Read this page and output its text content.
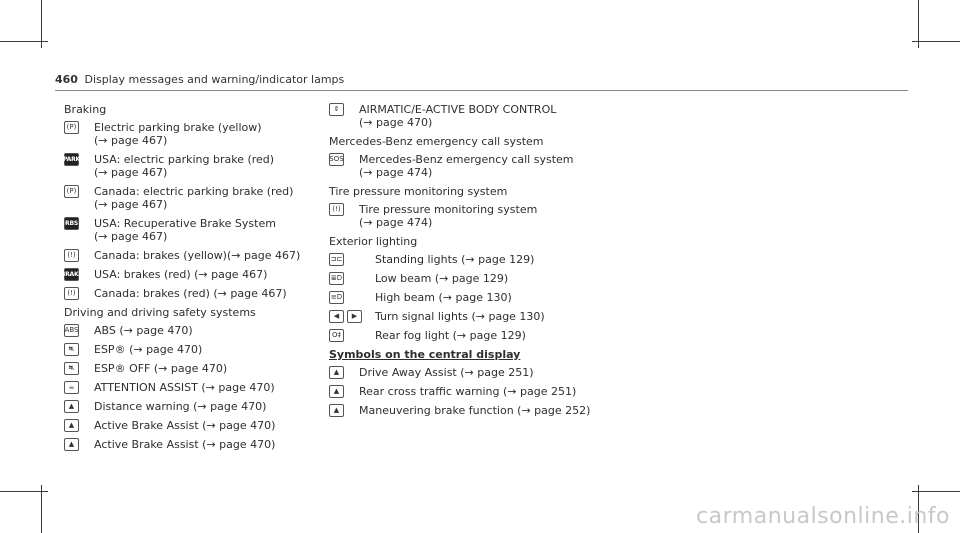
460 Display messages and warning/indicator lamps
Braking
(P) Electric parking brake (yellow)
(→ page 467)
PARK USA: electric parking brake (red)
(→ page 467)
(P) Canada: electric parking brake (red)
(→ page 467)
RBS USA: Recuperative Brake System
(→ page 467)
(!)	Canada: brakes (yellow)(→ page 467)
BRAKE USA: brakes (red) (→ page 467)
(!)	Canada: brakes (red) (→ page 467)
Driving and driving safety systems
ABS ABS (→ page 470)
⛐	ESP® (→ page 470)
⛐	ESP® OFF (→ page 470)
☕	ATTENTION ASSIST (→ page 470)
▲	Distance warning (→ page 470)
▲	Active Brake Assist (→ page 470)
▲	Active Brake Assist (→ page 470)
⇕	AIRMATIC/E-ACTIVE BODY CONTROL
(→ page 470)
Mercedes-Benz emergency call system
SOS Mercedes-Benz emergency call system
(→ page 474)
Tire pressure monitoring system
(!)	Tire pressure monitoring system
(→ page 474)
Exterior lighting
⊐⊏	Standing lights (→ page 129)
≣D	Low beam (→ page 129)
≡D	High beam (→ page 130)
◀	▶	Turn signal lights (→ page 130)
O‡	Rear fog light (→ page 129)
Symbols on the central display
▲	Drive Away Assist (→ page 251)
▲	Rear cross traffic warning (→ page 251)
▲	Maneuvering brake function (→ page 252)
carmanualsonline.info
